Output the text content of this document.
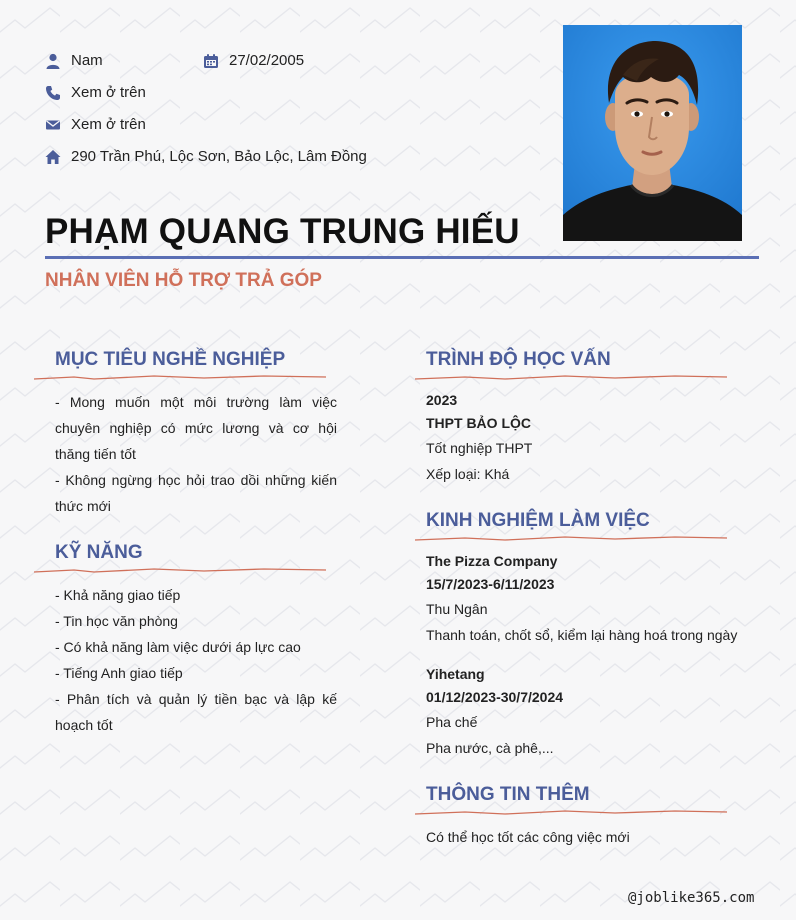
Nam	27/02/2005
Xem ở trên
Xem ở trên
290 Trần Phú, Lộc Sơn, Bảo Lộc, Lâm Đồng
PHẠM QUANG TRUNG HIẾU
NHÂN VIÊN HỖ TRỢ TRẢ GÓP
MỤC TIÊU NGHỀ NGHIỆP

- Mong muốn một môi trường làm việc chuyên nghiệp có mức lương và cơ hội thăng tiến tốt

- Không ngừng học hỏi trao dồi những kiến thức mới

KỸ NĂNG

- Khả năng giao tiếp

- Tin học văn phòng

- Có khả năng làm việc dưới áp lực cao

- Tiếng Anh giao tiếp

- Phân tích và quản lý tiền bạc và lập kế hoạch tốt

TRÌNH ĐỘ HỌC VẤN

2023

THPT BẢO LỘC

Tốt nghiệp THPT

Xếp loại: Khá

KINH NGHIỆM LÀM VIỆC

The Pizza Company

15/7/2023-6/11/2023

Thu Ngân

Thanh toán, chốt sổ, kiểm lại hàng hoá trong ngày

Yihetang

01/12/2023-30/7/2024

Pha chế

Pha nước, cà phê,...

THÔNG TIN THÊM

Có thể học tốt các công việc mới

@joblike365.com
